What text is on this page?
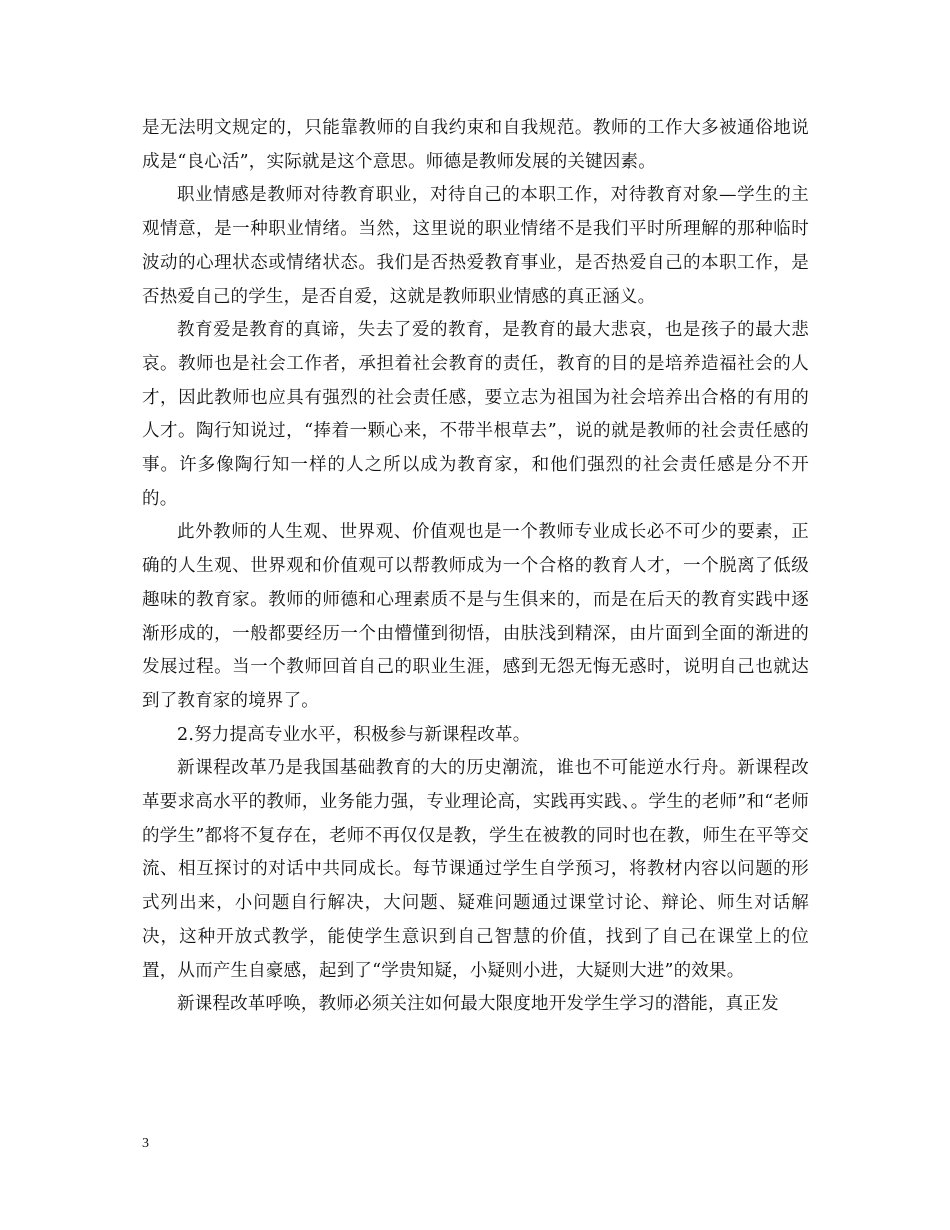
是无法明文规定的，只能靠教师的自我约束和自我规范。教师的工作大多被通俗地说成是“良心活”，实际就是这个意思。师德是教师发展的关键因素。

职业情感是教师对待教育职业，对待自己的本职工作，对待教育对象—学生的主观情意，是一种职业情绪。当然，这里说的职业情绪不是我们平时所理解的那种临时波动的心理状态或情绪状态。我们是否热爱教育事业，是否热爱自己的本职工作，是否热爱自己的学生，是否自爱，这就是教师职业情感的真正涵义。

教育爱是教育的真谛，失去了爱的教育，是教育的最大悲哀，也是孩子的最大悲哀。教师也是社会工作者，承担着社会教育的责任，教育的目的是培养造福社会的人才，因此教师也应具有强烈的社会责任感，要立志为祖国为社会培养出合格的有用的人才。陶行知说过，“捧着一颗心来，不带半根草去”，说的就是教师的社会责任感的事。许多像陶行知一样的人之所以成为教育家，和他们强烈的社会责任感是分不开的。

此外教师的人生观、世界观、价值观也是一个教师专业成长必不可少的要素，正确的人生观、世界观和价值观可以帮教师成为一个合格的教育人才，一个脱离了低级趣味的教育家。教师的师德和心理素质不是与生俱来的，而是在后天的教育实践中逐渐形成的，一般都要经历一个由懵懂到彻悟，由肤浅到精深，由片面到全面的渐进的发展过程。当一个教师回首自己的职业生涯，感到无怨无悔无惑时，说明自己也就达到了教育家的境界了。

2.努力提高专业水平，积极参与新课程改革。

新课程改革乃是我国基础教育的大的历史潮流，谁也不可能逆水行舟。新课程改革要求高水平的教师，业务能力强，专业理论高，实践再实践、。学生的老师”和“老师的学生”都将不复存在，老师不再仅仅是教，学生在被教的同时也在教，师生在平等交流、相互探讨的对话中共同成长。每节课通过学生自学预习，将教材内容以问题的形式列出来，小问题自行解决，大问题、疑难问题通过课堂讨论、辩论、师生对话解决，这种开放式教学，能使学生意识到自己智慧的价值，找到了自己在课堂上的位置，从而产生自豪感，起到了“学贵知疑，小疑则小进，大疑则大进”的效果。

新课程改革呼唤，教师必须关注如何最大限度地开发学生学习的潜能，真正发

3
